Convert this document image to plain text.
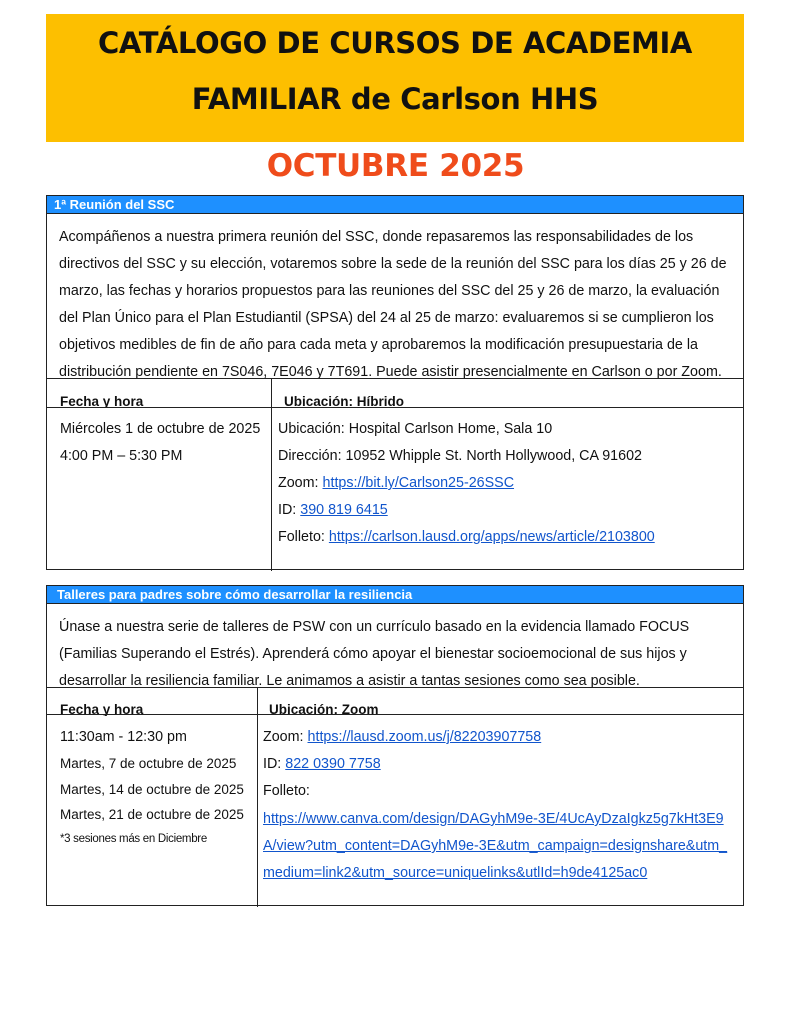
CATÁLOGO DE CURSOS DE ACADEMIA
FAMILIAR de Carlson HHS
OCTUBRE 2025
1ª Reunión del SSC
Acompáñenos a nuestra primera reunión del SSC, donde repasaremos las responsabilidades de los directivos del SSC y su elección, votaremos sobre la sede de la reunión del SSC para los días 25 y 26 de marzo, las fechas y horarios propuestos para las reuniones del SSC del 25 y 26 de marzo, la evaluación del Plan Único para el Plan Estudiantil (SPSA) del 24 al 25 de marzo: evaluaremos si se cumplieron los objetivos medibles de fin de año para cada meta y aprobaremos la modificación presupuestaria de la distribución pendiente en 7S046, 7E046 y 7T691. Puede asistir presencialmente en Carlson o por Zoom.
Fecha y hora	Ubicación: Híbrido
Miércoles 1 de octubre de 2025
4:00 PM – 5:30 PM
Ubicación: Hospital Carlson Home, Sala 10
Dirección: 10952 Whipple St. North Hollywood, CA 91602
Zoom: https://bit.ly/Carlson25-26SSC
ID: 390 819 6415
Folleto: https://carlson.lausd.org/apps/news/article/2103800
Talleres para padres sobre cómo desarrollar la resiliencia
Únase a nuestra serie de talleres de PSW con un currículo basado en la evidencia llamado FOCUS (Familias Superando el Estrés). Aprenderá cómo apoyar el bienestar socioemocional de sus hijos y desarrollar la resiliencia familiar. Le animamos a asistir a tantas sesiones como sea posible.
Fecha y hora	Ubicación: Zoom
11:30am - 12:30 pm
Martes, 7 de octubre de 2025
Martes, 14 de octubre de 2025
Martes, 21 de octubre de 2025
*3 sesiones más en Diciembre
Zoom: https://lausd.zoom.us/j/82203907758
ID: 822 0390 7758
Folleto:
https://www.canva.com/design/DAGyhM9e-3E/4UcAyDzaIgkz5g7kHt3E9A/view?utm_content=DAGyhM9e-3E&utm_campaign=designshare&utm_medium=link2&utm_source=uniquelinks&utlId=h9de4125ac0
